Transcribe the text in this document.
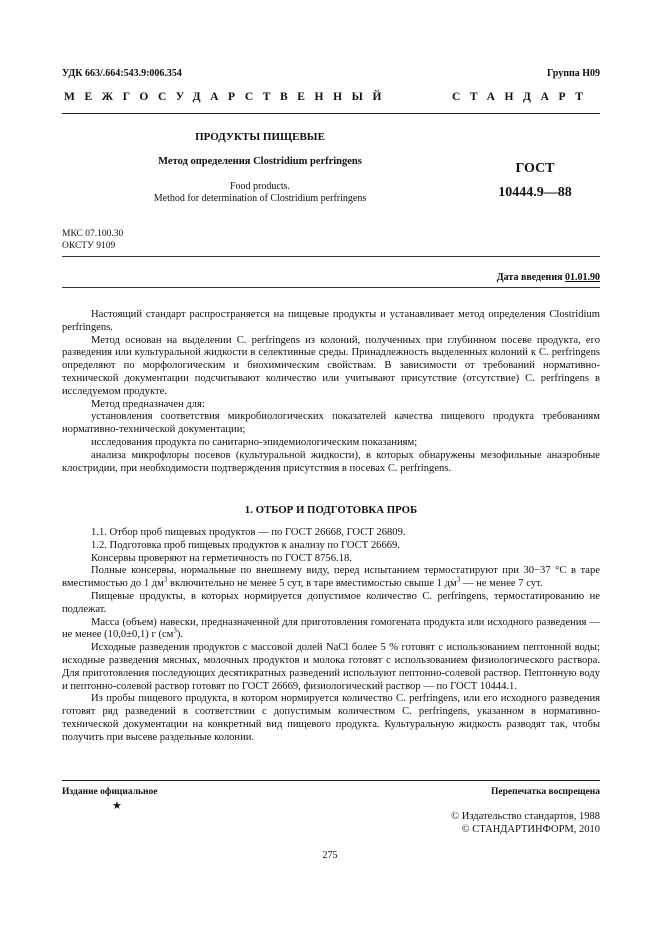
УДК 663/.664:543.9:006.354	Группа Н09
МЕЖГОСУДАРСТВЕННЫЙ	СТАНДАРТ
ПРОДУКТЫ ПИЩЕВЫЕ
Метод определения Clostridium perfringens
Food products.
Method for determination of Clostridium perfringens
ГОСТ
10444.9—88
МКС 07.100.30
ОКСТУ 9109
Дата введения 01.01.90

Настоящий стандарт распространяется на пищевые продукты и устанавливает метод определения Clostridium perfringens.

Метод основан на выделении C. perfringens из колоний, полученных при глубинном посеве продукта, его разведения или культуральной жидкости в селективные среды. Принадлежность выделенных колоний к C. perfringens определяют по морфологическим и биохимическим свойствам. В зависимости от требований нормативно-технической документации подсчитывают количество или учитывают присутствие (отсутствие) C. perfringens в исследуемом продукте.

Метод предназначен для:

установления соответствия микробиологических показателей качества пищевого продукта требованиям нормативно-технической документации;

исследования продукта по санитарно-эпидемиологическим показаниям;

анализа микрофлоры посевов (культуральной жидкости), в которых обнаружены мезофильные анаэробные клостридии, при необходимости подтверждения присутствия в посевах C. perfringens.

1. ОТБОР И ПОДГОТОВКА ПРОБ

1.1. Отбор проб пищевых продуктов — по ГОСТ 26668, ГОСТ 26809.

1.2. Подготовка проб пищевых продуктов к анализу по ГОСТ 26669.

Консервы проверяют на герметичность по ГОСТ 8756.18.

Полные консервы, нормальные по внешнему виду, перед испытанием термостатируют при 30−37 °С в таре вместимостью до 1 $дм^3$ включительно не менее 5 сут, в таре вместимостью свыше 1 $дм^3$ — не менее 7 сут.

Пищевые продукты, в которых нормируется допустимое количество C. perfringens, термостатированию не подлежат.

Масса (объем) навески, предназначенной для приготовления гомогената продукта или исходного разведения — не менее (10,0±0,1) г $(см^3)$.

Исходные разведения продуктов с массовой долей NaCl более 5 % готовят с использованием пептонной воды; исходные разведения мясных, молочных продуктов и молока готовят с использованием физиологического раствора. Для приготовления последующих десятикратных разведений используют пептонно-солевой раствор. Пептонную воду и пептонно-солевой раствор готовят по ГОСТ 26669, физиологический раствор — по ГОСТ 10444.1.

Из пробы пищевого продукта, в котором нормируется количество C. perfringens, или его исходного разведения готовят ряд разведений в соответствии с допустимым количеством C. perfringens, указанном в нормативно-технической документации на конкретный вид пищевого продукта. Культуральную жидкость разводят так, чтобы получить при высеве раздельные колонии.

Издание официальное	Перепечатка воспрещена
★
© Издательство стандартов, 1988
© СТАНДАРТИНФОРМ, 2010
275
